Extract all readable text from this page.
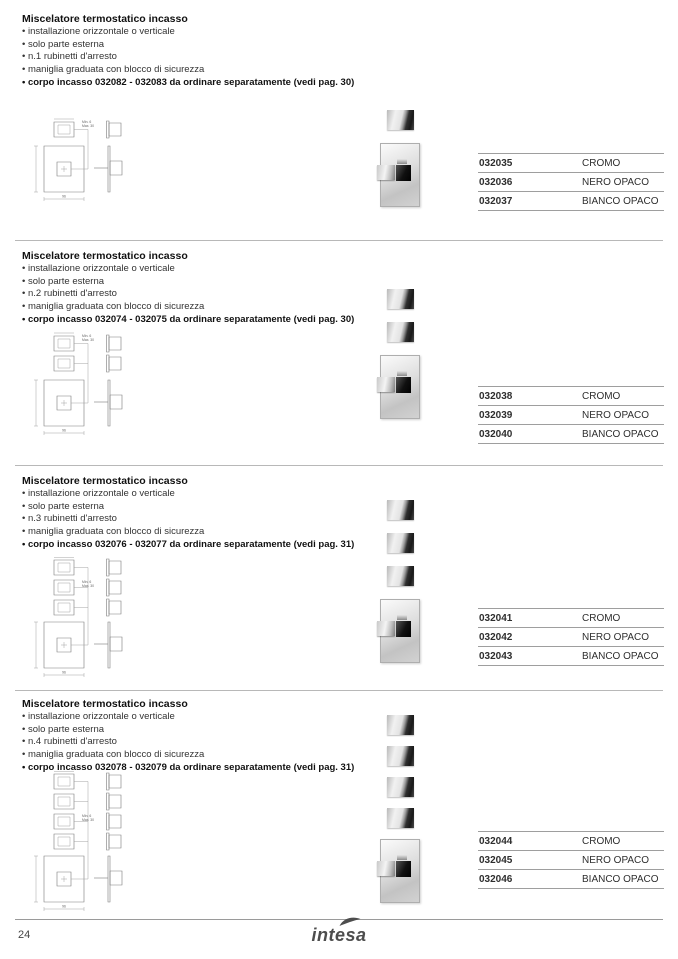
Miscelatore termostatico incasso
• installazione orizzontale o verticale
• solo parte esterna
• n.1 rubinetti d'arresto
• maniglia graduata con blocco di sicurezza
• corpo incasso 032082 - 032083 da ordinare separatamente (vedi pag. 30)
96
Min. 6
Max. 30
032035	CROMO
032036	NERO OPACO
032037	BIANCO OPACO
Miscelatore termostatico incasso
• installazione orizzontale o verticale
• solo parte esterna
• n.2 rubinetti d'arresto
• maniglia graduata con blocco di sicurezza
• corpo incasso 032074 - 032075 da ordinare separatamente (vedi pag. 30)
96
Min. 6
Max. 30
032038	CROMO
032039	NERO OPACO
032040	BIANCO OPACO
Miscelatore termostatico incasso
• installazione orizzontale o verticale
• solo parte esterna
• n.3 rubinetti d'arresto
• maniglia graduata con blocco di sicurezza
• corpo incasso 032076 - 032077 da ordinare separatamente (vedi pag. 31)
96
Min. 6
Max. 30
032041	CROMO
032042	NERO OPACO
032043	BIANCO OPACO
Miscelatore termostatico incasso
• installazione orizzontale o verticale
• solo parte esterna
• n.4 rubinetti d'arresto
• maniglia graduata con blocco di sicurezza
• corpo incasso 032078 - 032079 da ordinare separatamente (vedi pag. 31)
96
Min. 6
Max. 30
032044	CROMO
032045	NERO OPACO
032046	BIANCO OPACO
24	intesa
